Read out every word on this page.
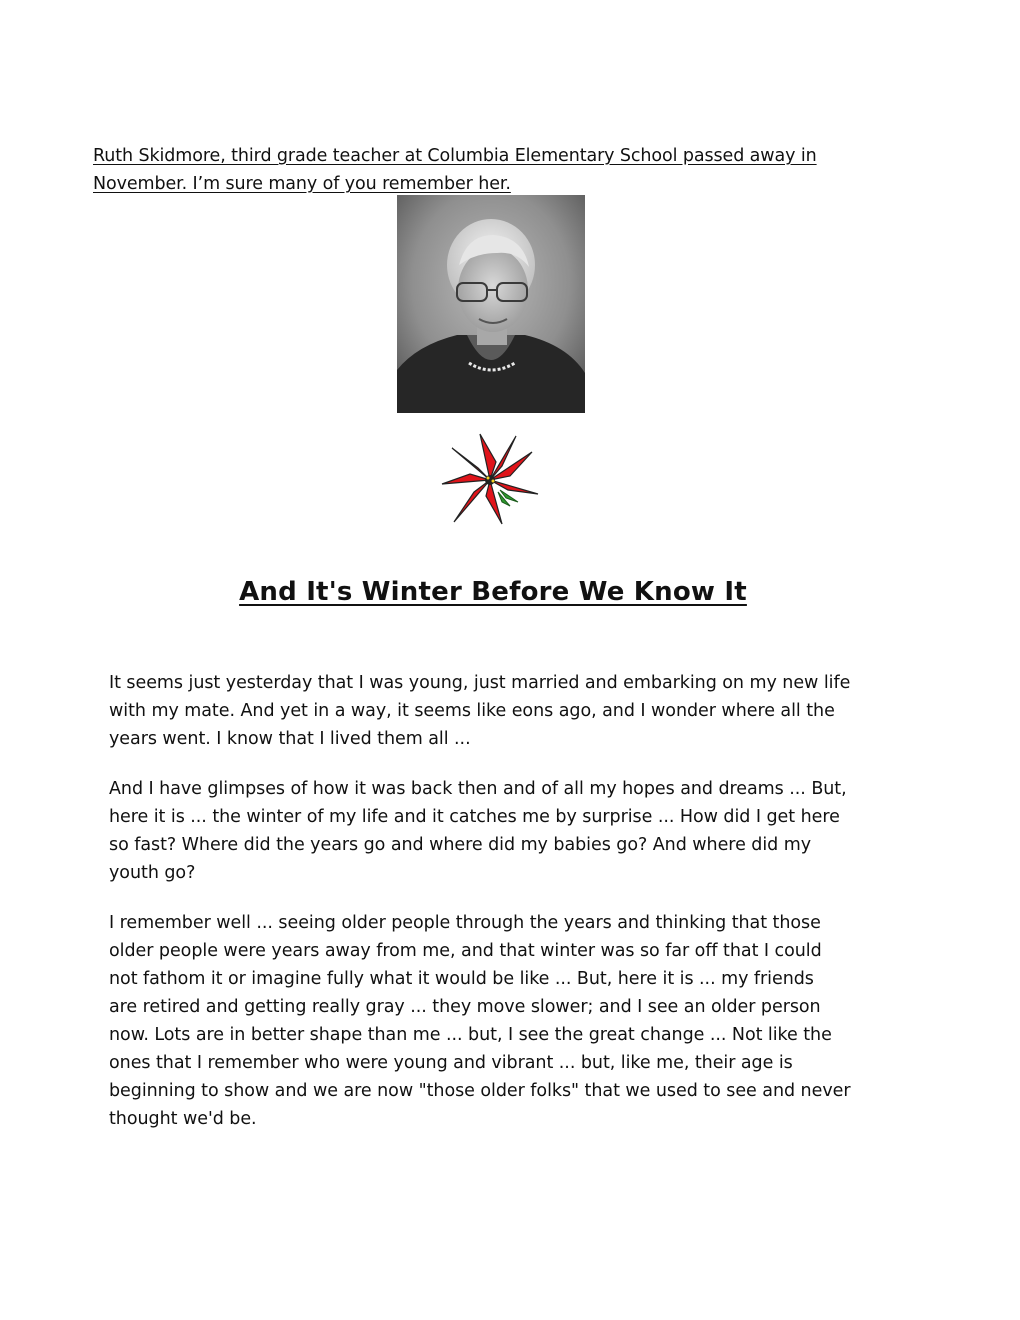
Ruth Skidmore, third grade teacher at Columbia Elementary School passed away in

November. I’m sure many of you remember her.

And It's Winter Before We Know It

It seems just yesterday that I was young, just married and embarking on my new life
with my mate. And yet in a way, it seems like eons ago, and I wonder where all the
years went. I know that I lived them all ...

And I have glimpses of how it was back then and of all my hopes and dreams ... But,
here it is ... the winter of my life and it catches me by surprise ... How did I get here
so fast? Where did the years go and where did my babies go? And where did my
youth go?

I remember well ... seeing older people through the years and thinking that those
older people were years away from me, and that winter was so far off that I could
not fathom it or imagine fully what it would be like ... But, here it is ... my friends
are retired and getting really gray ... they move slower; and I see an older person
now. Lots are in better shape than me ... but, I see the great change ... Not like the
ones that I remember who were young and vibrant ... but, like me, their age is
beginning to show and we are now "those older folks" that we used to see and never
thought we'd be.
